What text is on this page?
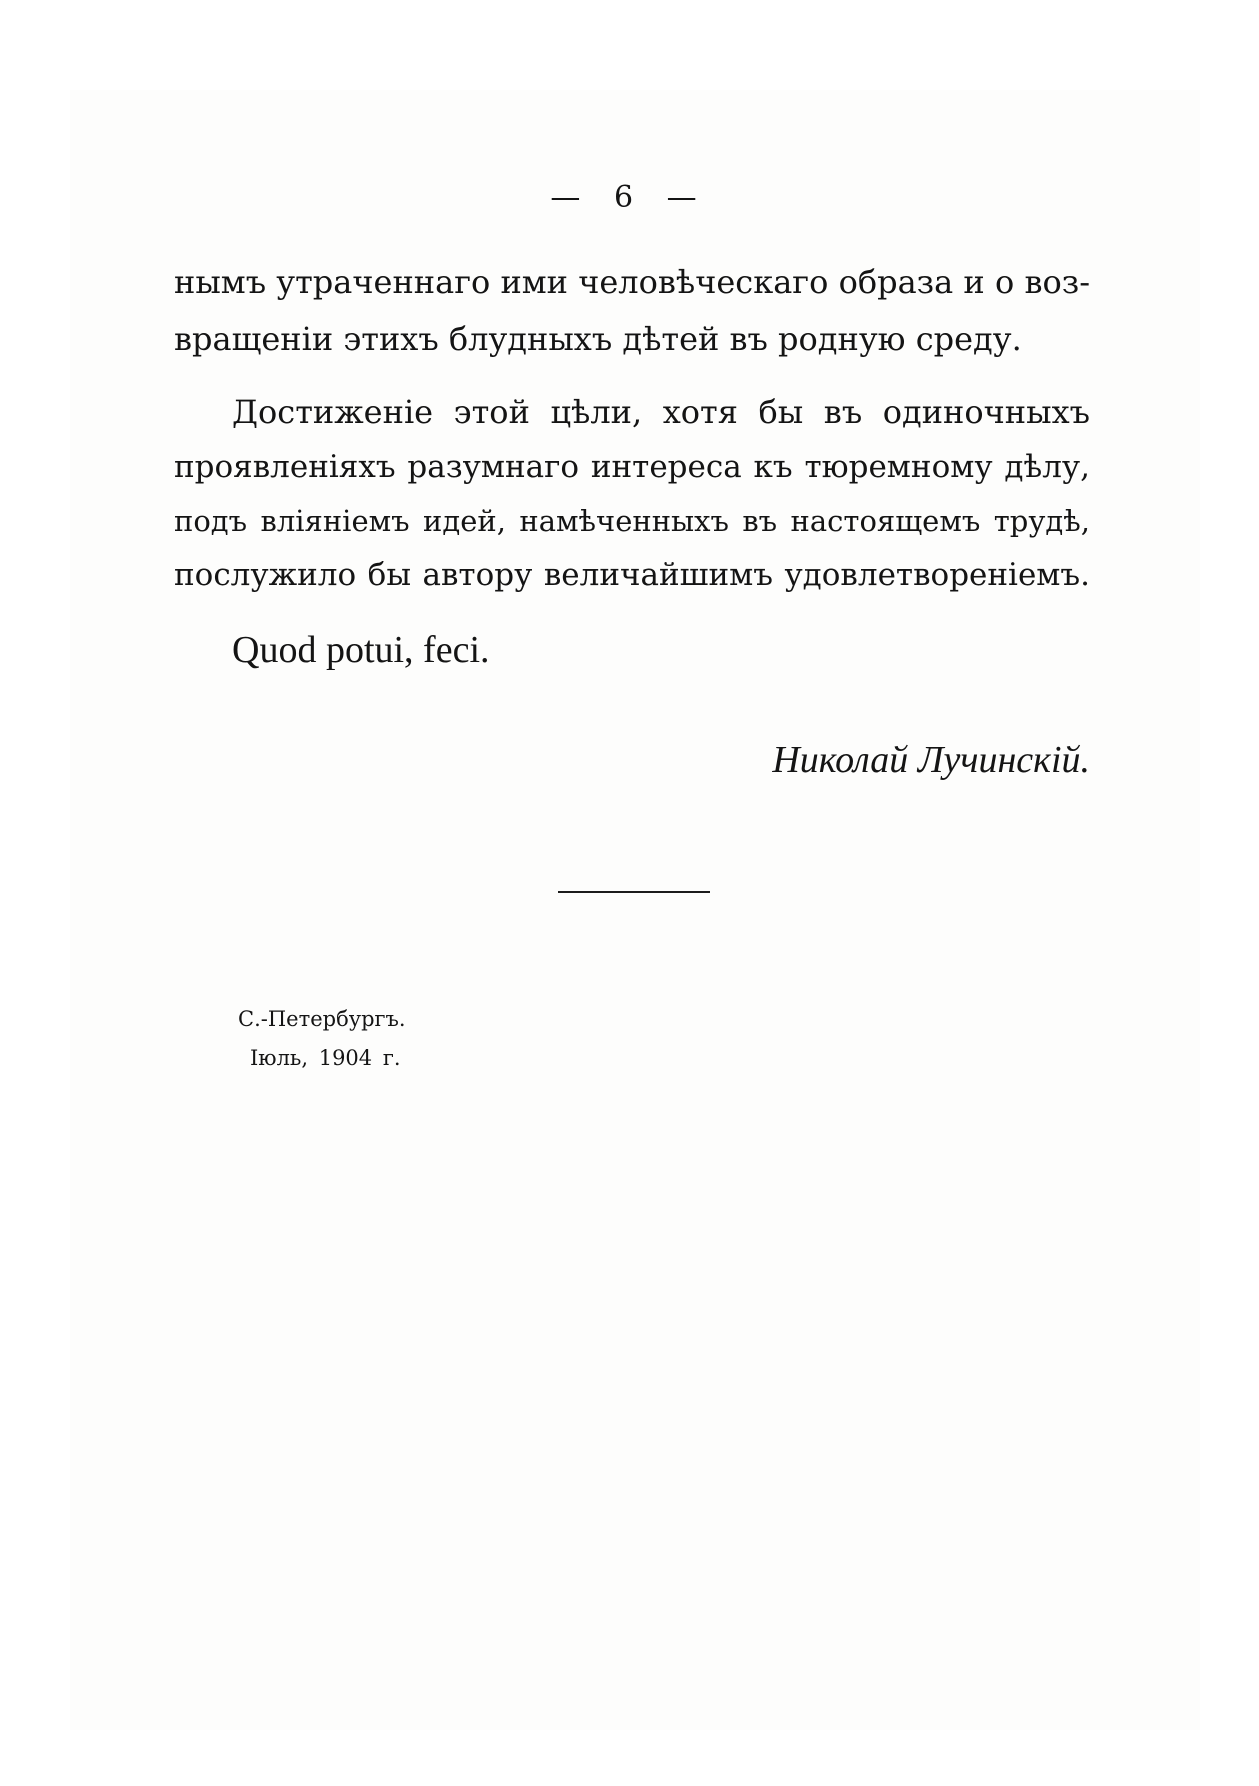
— 6 —
нымъ утраченнаго ими человѣческаго образа и о воз-
вращеніи этихъ блудныхъ дѣтей въ родную среду.
Достиженіе этой цѣли, хотя бы въ одиночныхъ
проявленіяхъ разумнаго интереса къ тюремному дѣлу,
подъ вліяніемъ идей, намѣченныхъ въ настоящемъ трудѣ,
послужило бы автору величайшимъ удовлетвореніемъ.
Quod potui, feci.
Николай Лучинскій.
С.-Петербургъ.
Іюль, 1904 г.
